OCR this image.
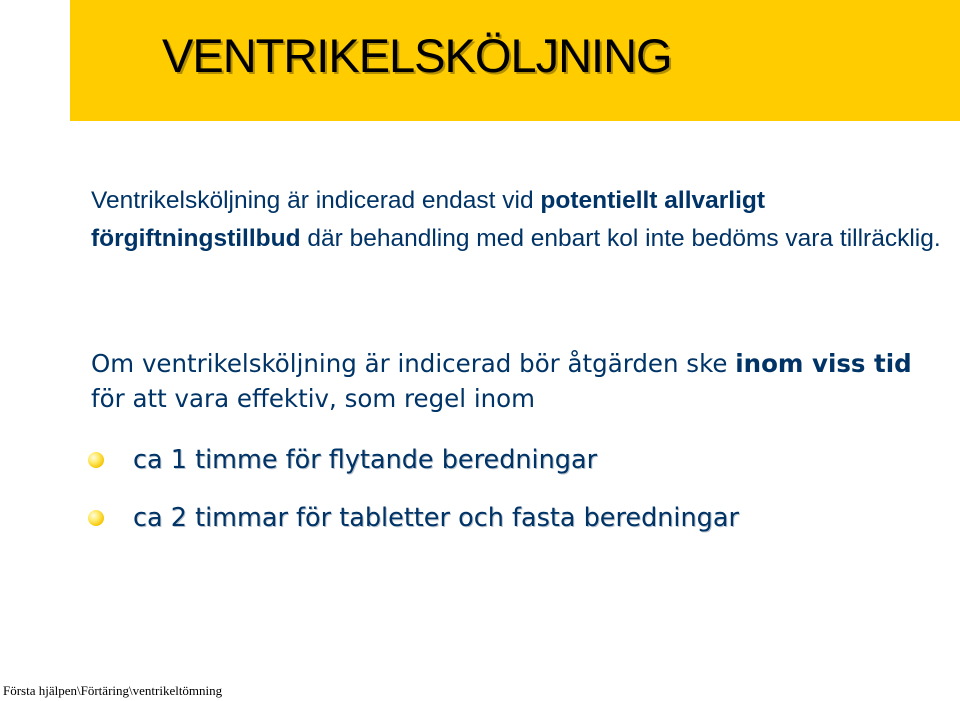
VENTRIKELSKÖLJNING
Ventrikelsköljning är indicerad endast vid potentiellt allvarligt förgiftningstillbud där behandling med enbart kol inte bedöms vara tillräcklig.
Om ventrikelsköljning är indicerad bör åtgärden ske inom viss tid för att vara effektiv, som regel inom
ca 1 timme för flytande beredningar
ca 2 timmar för tabletter och fasta beredningar
Första hjälpen\Förtäring\ventrikeltömning
